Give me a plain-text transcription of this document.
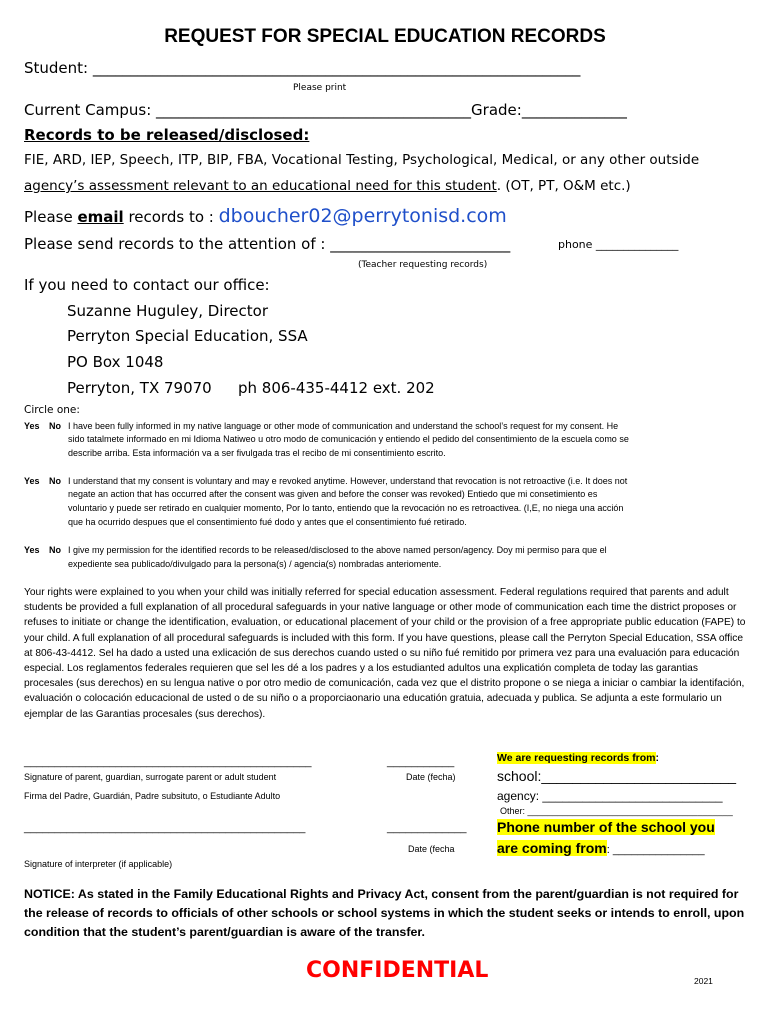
REQUEST FOR SPECIAL EDUCATION RECORDS
Student: _________________________________________________________________
Please print
Current Campus: __________________________________________Grade:______________
Records to be released/disclosed:
FIE, ARD, IEP, Speech, ITP, BIP, FBA, Vocational Testing, Psychological, Medical, or any other outside
agency’s assessment relevant to an educational need for this student. (OT, PT, O&M etc.)
Please email records to : dboucher02@perrytonisd.com
Please send records to the attention of : ________________________	phone _______________
(Teacher requesting records)
If you need to contact our office:
Suzanne Huguley, Director
Perryton Special Education, SSA
PO Box 1048
Perryton, TX 79070 ph 806-435-4412 ext. 202
Circle one:
Yes No I have been fully informed in my native language or other mode of communication and understand the school’s request for my consent. He
sido tatalmete informado en mi Idioma Natiweo u otro modo de comunicación y entiendo el pedido del consentimiento de la escuela como se
describe arriba. Esta información va a ser fivulgada tras el recibo de mi consentimiento escrito.
Yes No I understand that my consent is voluntary and may e revoked anytime. However, understand that revocation is not retroactive (i.e. It does not
negate an action that has occurred after the consent was given and before the conser was revoked) Entiedo que mi consetimiento es
voluntario y puede ser retirado en cualquier momento, Por lo tanto, entiendo que la revocación no es retroactivea. (I,E, no niega una acción
que ha ocurrido despues que el consentimiento fué dodo y antes que el consentimiento fué retirado.
Yes No I give my permission for the identified records to be released/disclosed to the above named person/agency. Doy mi permiso para que el
expediente sea publicado/divulgado para la persona(s) / agencia(s) nombradas anteriomente.
Your rights were explained to you when your child was initially referred for special education assessment. Federal regulations required that parents and adult students be provided a full explanation of all procedural safeguards in your native language or other mode of communication each time the district proposes or refuses to initiate or change the identification, evaluation, or educational placement of your child or the provision of a free appropriate public education (FAPE) to your child. A full explanation of all procedural safeguards is included with this form. If you have questions, please call the Perryton Special Education, SSA office at 806-43-4412. Sel ha dado a usted una exlicación de sus derechos cuando usted o su niño fué remitido por primera vez para una evaluación para educación especial. Los reglamentos federales requieren que sel les dé a los padres y a los estudianted adultos una explicatión completa de today las garantias procesales (sus derechos) en su lengua native o por otro medio de comunicación, cada vez que el distrito propone o se niega a iniciar o cambiar la identifación, evaluación o colocación educacional de usted o de su niño o a proporciaonario una educatión gratuia, adecuada y publica. Se adjunta a este formulario un ejemplar de las Garantias procesales (sus derechos).
_______________________________________________	___________	We are requesting records from:
Signature of parent, guardian, surrogate parent or adult student	Date (fecha)	school:_________________________
Firma del Padre, Guardián, Padre subsituto, o Estudiante Adulto	agency: ___________________________
Other: _________________________________________
______________________________________________	_____________ Phone number of the school you
are coming from: _______________
Date (fecha
Signature of interpreter (if applicable)
NOTICE: As stated in the Family Educational Rights and Privacy Act, consent from the parent/guardian is not required for the release of records to officials of other schools or school systems in which the student seeks or intends to enroll, upon condition that the student’s parent/guardian is aware of the transfer.
CONFIDENTIAL	2021
